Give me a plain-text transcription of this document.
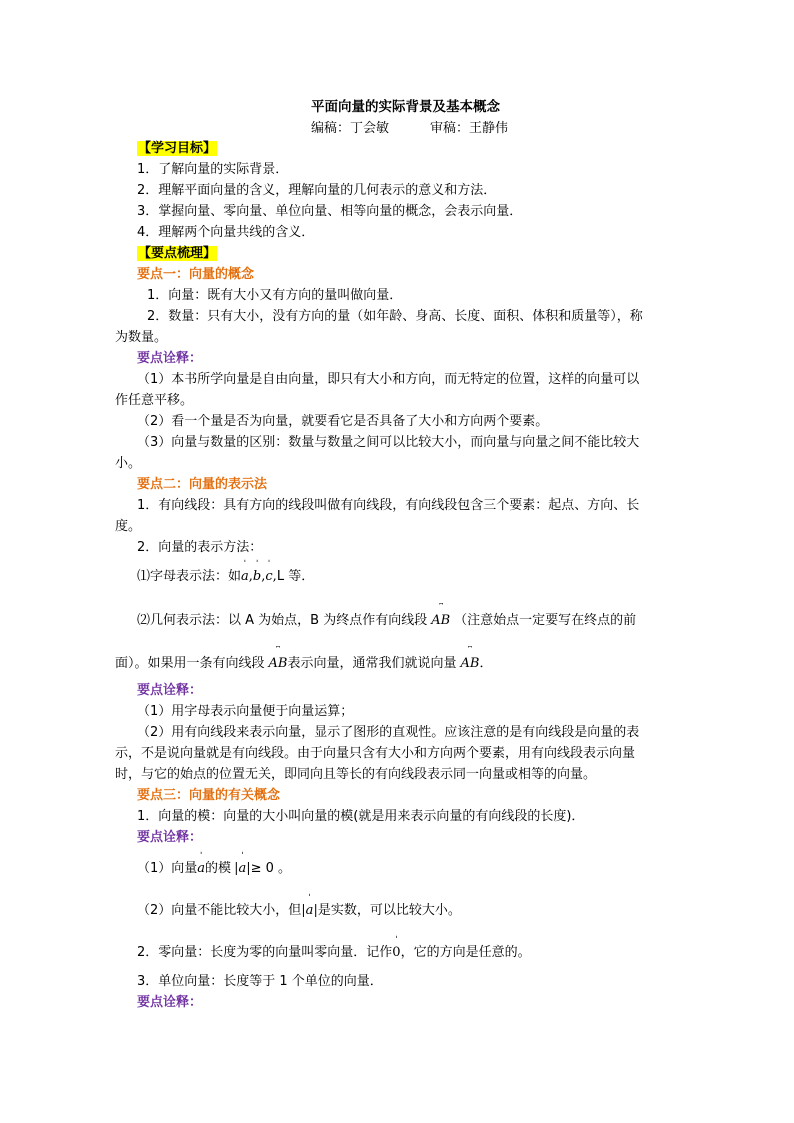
平面向量的实际背景及基本概念
编稿：丁会敏	审稿：王静伟
【学习目标】
1．了解向量的实际背景．
2．理解平面向量的含义，理解向量的几何表示的意义和方法．
3．掌握向量、零向量、单位向量、相等向量的概念，会表示向量．
4．理解两个向量共线的含义．
【要点梳理】
要点一：向量的概念
1．向量：既有大小又有方向的量叫做向量．
2．数量：只有大小，没有方向的量（如年龄、身高、长度、面积、体积和质量等），称
为数量。
要点诠释：
（1）本书所学向量是自由向量，即只有大小和方向，而无特定的位置，这样的向量可以
作任意平移。
（2）看一个量是否为向量，就要看它是否具备了大小和方向两个要素。
（3）向量与数量的区别：数量与数量之间可以比较大小，而向量与向量之间不能比较大
小。
要点二：向量的表示法
1．有向线段：具有方向的线段叫做有向线段，有向线段包含三个要素：起点、方向、长
度。
2．向量的表示方法：
⑴字母表示法：如
ˈ
a,
ˈ
b,
ˈ
c,L 等．
⑵几何表示法：以 A 为始点，B 为终点作有向线段
⎴
AB （注意始点一定要写在终点的前
面）。如果用一条有向线段
⎴
AB表示向量，通常我们就说向量
⎴
AB．
要点诠释：
（1）用字母表示向量便于向量运算；
（2）用有向线段来表示向量，显示了图形的直观性。应该注意的是有向线段是向量的表
示，不是说向量就是有向线段。由于向量只含有大小和方向两个要素，用有向线段表示向量
时，与它的始点的位置无关，即同向且等长的有向线段表示同一向量或相等的向量。
要点三：向量的有关概念
1．向量的模：向量的大小叫向量的模(就是用来表示向量的有向线段的长度)．
要点诠释：
（1）向量
ˈ
a的模 |
ˈ
a|≥ 0 。
（2）向量不能比较大小，但|
ˈ
a|是实数，可以比较大小。
2．零向量：长度为零的向量叫零向量．记作
ˈ
0，它的方向是任意的。
3．单位向量：长度等于 1 个单位的向量．
要点诠释：
